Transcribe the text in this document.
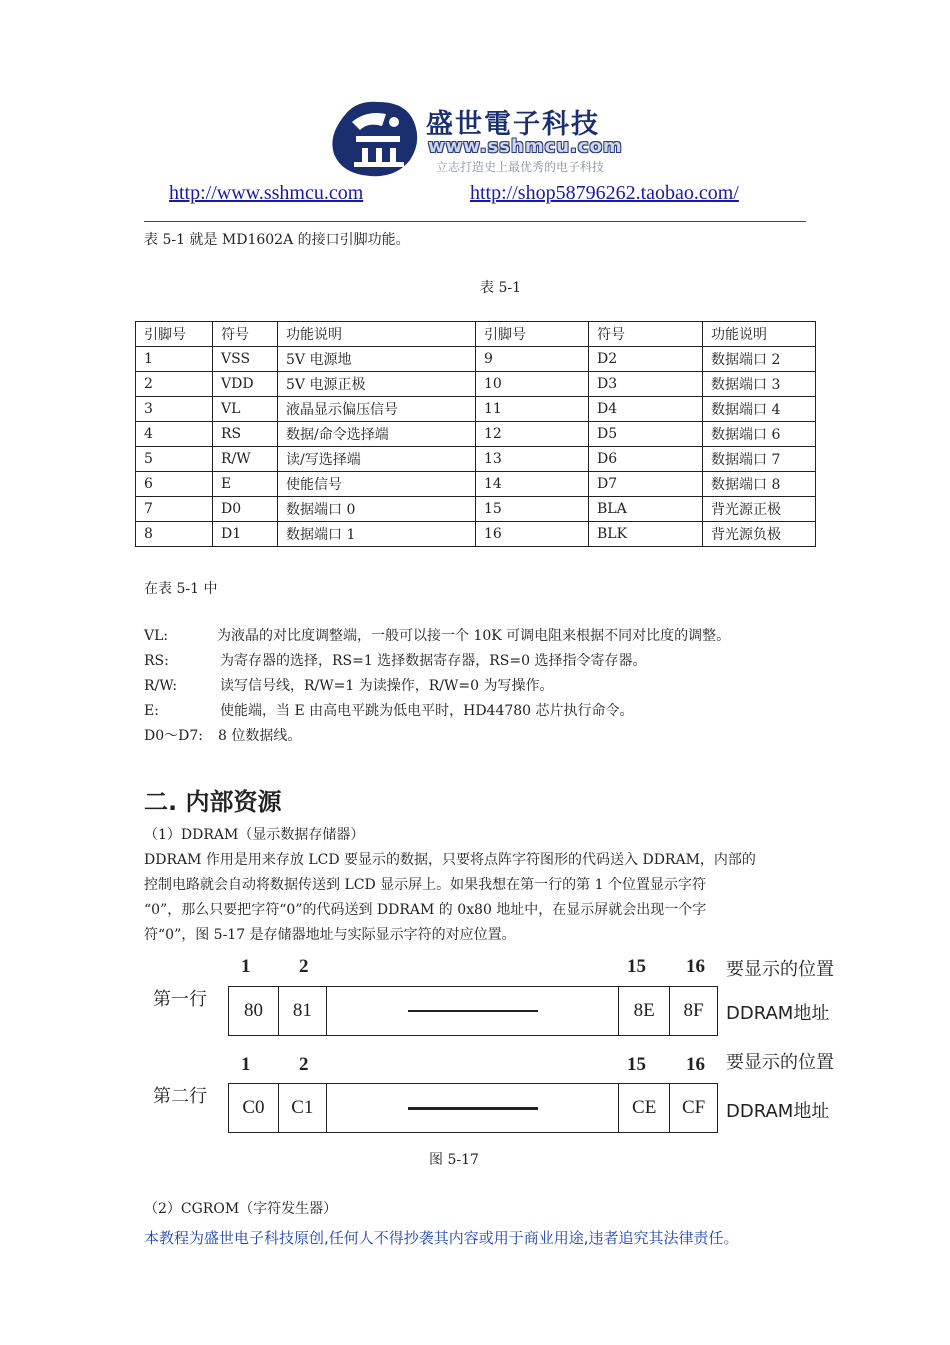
盛世電子科技
www.sshmcu.com
立志打造史上最优秀的电子科技
http://www.sshmcu.com	http://shop58796262.taobao.com/
表 5-1 就是 MD1602A 的接口引脚功能。
表 5-1
引脚号	符号	功能说明	引脚号	符号	功能说明
1	VSS	5V 电源地	9	D2	数据端口 2
2	VDD	5V 电源正极	10	D3	数据端口 3
3	VL	液晶显示偏压信号	11	D4	数据端口 4
4	RS	数据/命令选择端	12	D5	数据端口 6
5	R/W	读/写选择端	13	D6	数据端口 7
6	E	使能信号	14	D7	数据端口 8
7	D0	数据端口 0	15	BLA	背光源正极
8	D1	数据端口 1	16	BLK	背光源负极
在表 5-1 中
VL:	为液晶的对比度调整端，一般可以接一个 10K 可调电阻来根据不同对比度的调整。
RS:	为寄存器的选择，RS=1 选择数据寄存器，RS=0 选择指令寄存器。
R/W:	读写信号线，R/W=1 为读操作，R/W=0 为写操作。
E:	使能端，当 E 由高电平跳为低电平时，HD44780 芯片执行命令。
D0～D7: 8 位数据线。
二. 内部资源
（1）DDRAM（显示数据存储器）
DDRAM 作用是用来存放 LCD 要显示的数据，只要将点阵字符图形的代码送入 DDRAM，内部的
控制电路就会自动将数据传送到 LCD 显示屏上。如果我想在第一行的第 1 个位置显示字符
“0”，那么只要把字符“0”的代码送到 DDRAM 的 0x80 地址中，在显示屏就会出现一个字
符“0”，图 5-17 是存储器地址与实际显示字符的对应位置。
1	2	15 16 要显示的位置
第一行
80	81	8E	8F	DDRAM地址
1	2	15 16 要显示的位置
第二行
C0	C1	CE	CF	DDRAM地址
图 5-17
（2）CGROM（字符发生器）
本教程为盛世电子科技原创,任何人不得抄袭其内容或用于商业用途,违者追究其法律责任。
